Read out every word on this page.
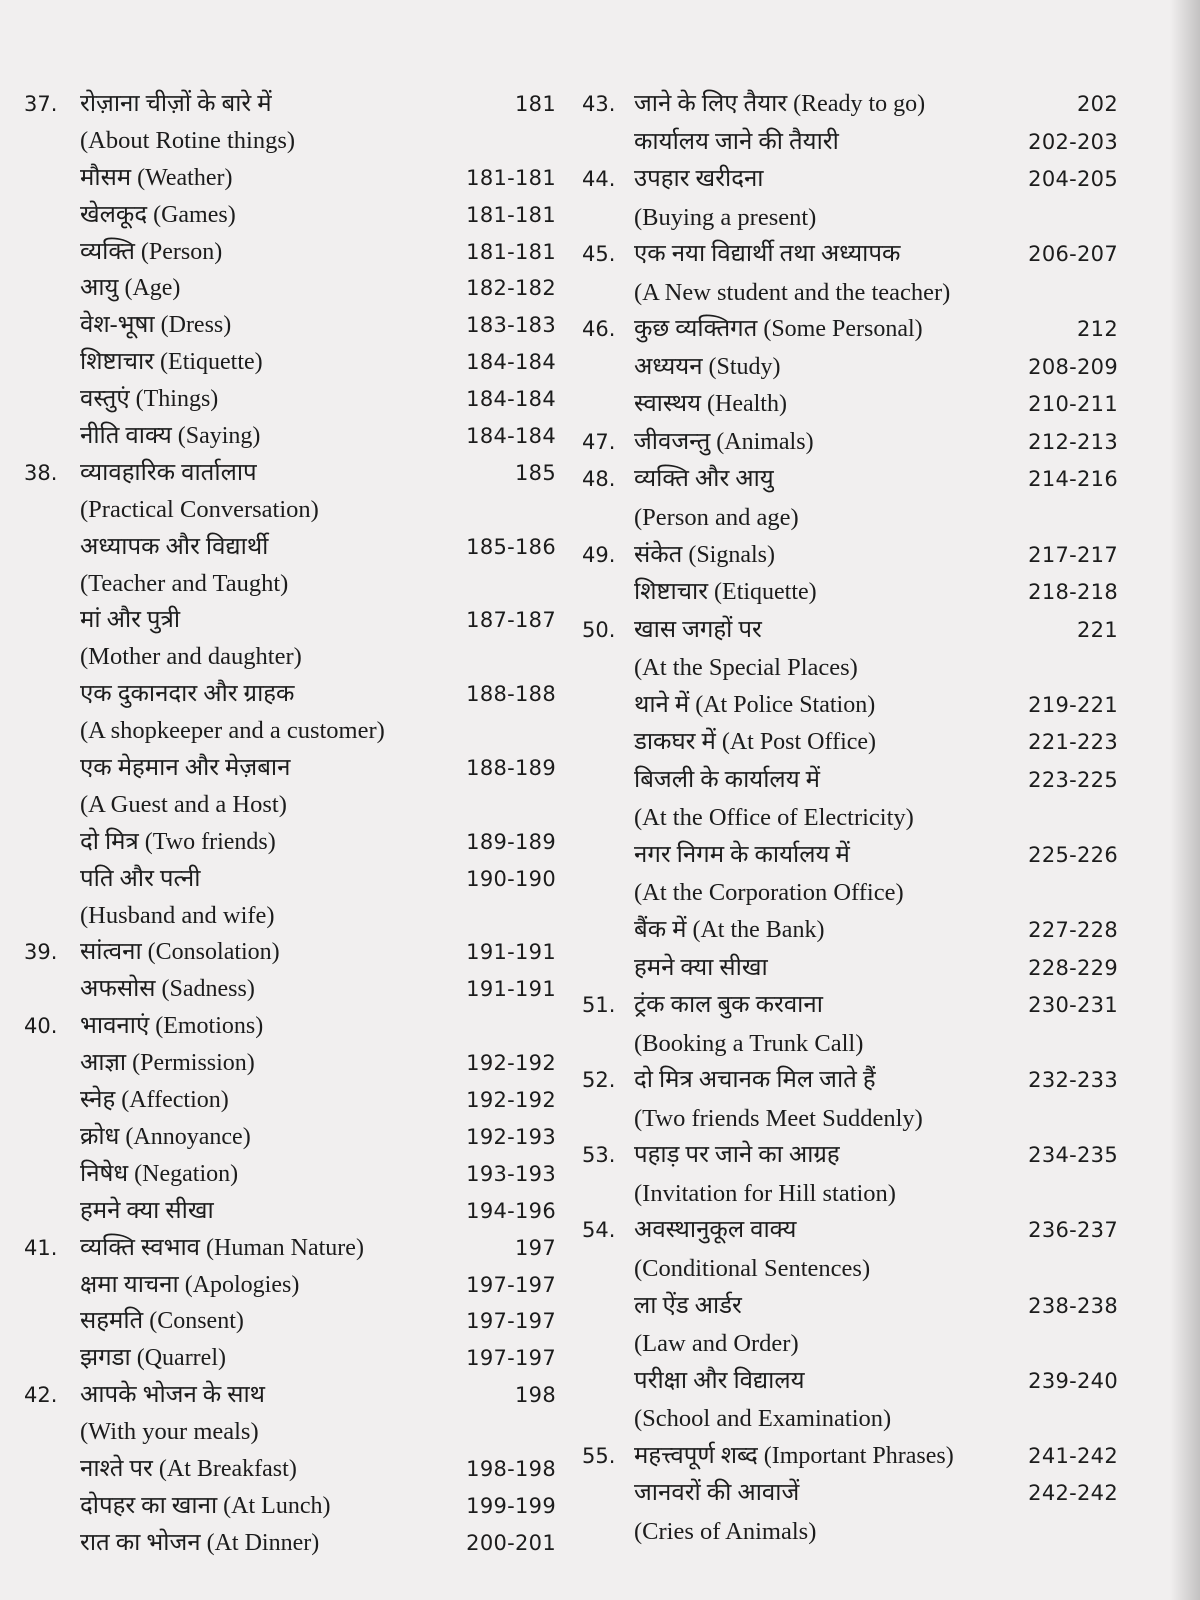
37. रोज़ाना चीज़ों के बारे में	181
(About Rotine things)
मौसम (Weather)	181-181
खेलकूद (Games)	181-181
व्यक्ति (Person)	181-181
आयु (Age)	182-182
वेश-भूषा (Dress)	183-183
शिष्टाचार (Etiquette)	184-184
वस्तुएं (Things)	184-184
नीति वाक्य (Saying)	184-184
38. व्यावहारिक वार्तालाप	185
(Practical Conversation)
अध्यापक और विद्यार्थी	185-186
(Teacher and Taught)
मां और पुत्री	187-187
(Mother and daughter)
एक दुकानदार और ग्राहक	188-188
(A shopkeeper and a customer)
एक मेहमान और मेज़बान	188-189
(A Guest and a Host)
दो मित्र (Two friends)	189-189
पति और पत्नी	190-190
(Husband and wife)
39. सांत्वना (Consolation)	191-191
अफसोस (Sadness)	191-191
40. भावनाएं (Emotions)
आज्ञा (Permission)	192-192
स्नेह (Affection)	192-192
क्रोध (Annoyance)	192-193
निषेध (Negation)	193-193
हमने क्या सीखा	194-196
41. व्यक्ति स्वभाव (Human Nature)	197
क्षमा याचना (Apologies)	197-197
सहमति (Consent)	197-197
झगडा (Quarrel)	197-197
42. आपके भोजन के साथ	198
(With your meals)
नाश्ते पर (At Breakfast)	198-198
दोपहर का खाना (At Lunch)	199-199
रात का भोजन (At Dinner)	200-201
43. जाने के लिए तैयार (Ready to go)	202
कार्यालय जाने की तैयारी	202-203
44. उपहार खरीदना	204-205
(Buying a present)
45. एक नया विद्यार्थी तथा अध्यापक	206-207
(A New student and the teacher)
46. कुछ व्यक्तिगत (Some Personal)	212
अध्ययन (Study)	208-209
स्वास्थय (Health)	210-211
47. जीवजन्तु (Animals)	212-213
48. व्यक्ति और आयु	214-216
(Person and age)
49. संकेत (Signals)	217-217
शिष्टाचार (Etiquette)	218-218
50. खास जगहों पर	221
(At the Special Places)
थाने में (At Police Station)	219-221
डाकघर में (At Post Office)	221-223
बिजली के कार्यालय में	223-225
(At the Office of Electricity)
नगर निगम के कार्यालय में	225-226
(At the Corporation Office)
बैंक में (At the Bank)	227-228
हमने क्या सीखा	228-229
51. ट्रंक काल बुक करवाना	230-231
(Booking a Trunk Call)
52. दो मित्र अचानक मिल जाते हैं	232-233
(Two friends Meet Suddenly)
53. पहाड़ पर जाने का आग्रह	234-235
(Invitation for Hill station)
54. अवस्थानुकूल वाक्य	236-237
(Conditional Sentences)
ला ऐंड आर्डर	238-238
(Law and Order)
परीक्षा और विद्यालय	239-240
(School and Examination)
55. महत्त्वपूर्ण शब्द (Important Phrases)	241-242
जानवरों की आवाजें	242-242
(Cries of Animals)
